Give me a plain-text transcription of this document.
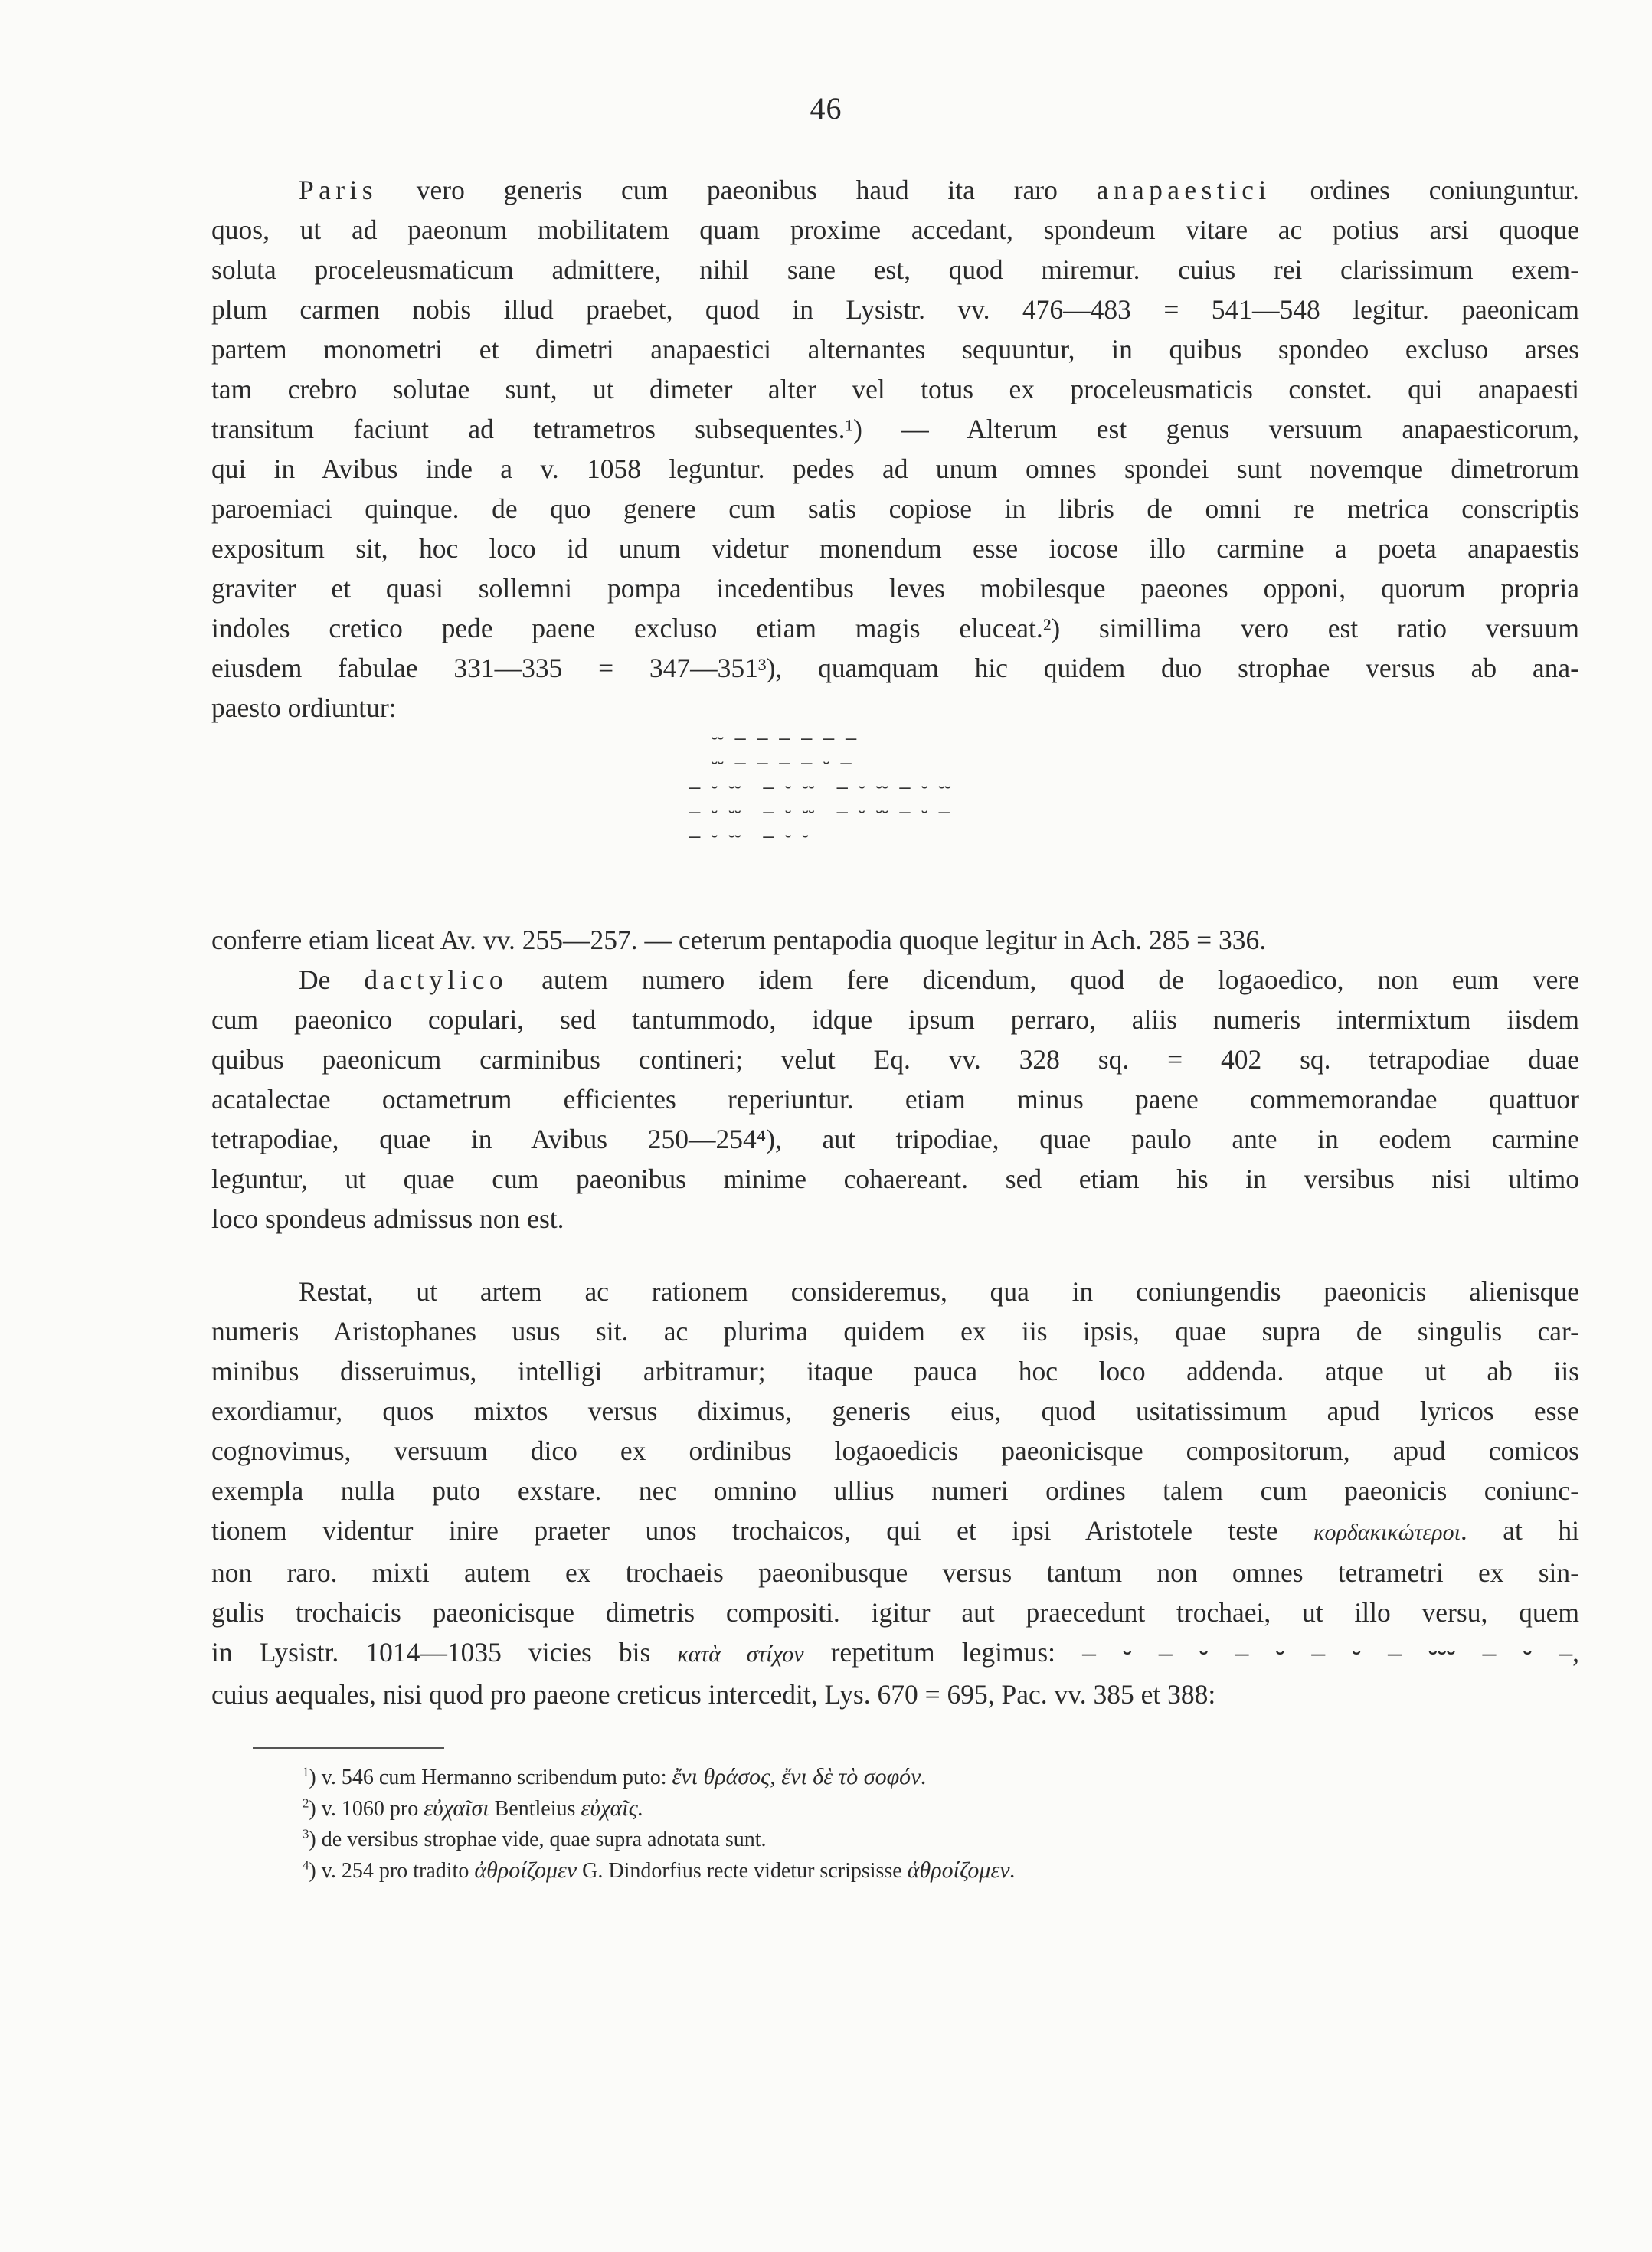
46
Paris vero generis cum paeonibus haud ita raro anapaestici ordines coniunguntur.
quos, ut ad paeonum mobilitatem quam proxime accedant, spondeum vitare ac potius arsi quoque
soluta proceleusmaticum admittere, nihil sane est, quod miremur. cuius rei clarissimum exem-
plum carmen nobis illud praebet, quod in Lysistr. vv. 476—483 = 541—548 legitur. paeonicam
partem monometri et dimetri anapaestici alternantes sequuntur, in quibus spondeo excluso arses
tam crebro solutae sunt, ut dimeter alter vel totus ex proceleusmaticis constet. qui anapaesti
transitum faciunt ad tetrametros subsequentes.¹) — Alterum est genus versuum anapaesticorum,
qui in Avibus inde a v. 1058 leguntur. pedes ad unum omnes spondei sunt novemque dimetrorum
paroemiaci quinque. de quo genere cum satis copiose in libris de omni re metrica conscriptis
expositum sit, hoc loco id unum videtur monendum esse iocose illo carmine a poeta anapaestis
graviter et quasi sollemni pompa incedentibus leves mobilesque paeones opponi, quorum propria
indoles cretico pede paene excluso etiam magis eluceat.²) simillima vero est ratio versuum
eiusdem fabulae 331—335 = 347—351³), quamquam hic quidem duo strophae versus ab ana-
paesto ordiuntur:
⏑⏑ – – – – – –
⏑⏑ – – – – ⏑ –
– ⏑ ⏑⏑  – ⏑ ⏑⏑  – ⏑ ⏑⏑ – ⏑ ⏑⏑
– ⏑ ⏑⏑  – ⏑ ⏑⏑  – ⏑ ⏑⏑ – ⏑ –
– ⏑ ⏑⏑  – ⏑ ⏑
conferre etiam liceat Av. vv. 255—257. — ceterum pentapodia quoque legitur in Ach. 285 = 336.
De dactylico autem numero idem fere dicendum, quod de logaoedico, non eum vere
cum paeonico copulari, sed tantummodo, idque ipsum perraro, aliis numeris intermixtum iisdem
quibus paeonicum carminibus contineri; velut Eq. vv. 328 sq. = 402 sq. tetrapodiae duae
acatalectae octametrum efficientes reperiuntur. etiam minus paene commemorandae quattuor
tetrapodiae, quae in Avibus 250—254⁴), aut tripodiae, quae paulo ante in eodem carmine
leguntur, ut quae cum paeonibus minime cohaereant. sed etiam his in versibus nisi ultimo
loco spondeus admissus non est.
Restat, ut artem ac rationem consideremus, qua in coniungendis paeonicis alienisque
numeris Aristophanes usus sit. ac plurima quidem ex iis ipsis, quae supra de singulis car-
minibus disseruimus, intelligi arbitramur; itaque pauca hoc loco addenda. atque ut ab iis
exordiamur, quos mixtos versus diximus, generis eius, quod usitatissimum apud lyricos esse
cognovimus, versuum dico ex ordinibus logaoedicis paeonicisque compositorum, apud comicos
exempla nulla puto exstare. nec omnino ullius numeri ordines talem cum paeonicis coniunc-
tionem videntur inire praeter unos trochaicos, qui et ipsi Aristotele teste κορδακικώτεροι. at hi
non raro. mixti autem ex trochaeis paeonibusque versus tantum non omnes tetrametri ex sin-
gulis trochaicis paeonicisque dimetris compositi. igitur aut praecedunt trochaei, ut illo versu, quem
in Lysistr. 1014—1035 vicies bis κατὰ στίχον repetitum legimus: – ⏑ – ⏑ – ⏑ – ⏑ – ⏑⏑⏑ – ⏑ –,
cuius aequales, nisi quod pro paeone creticus intercedit, Lys. 670 = 695, Pac. vv. 385 et 388:
$^1$) v. 546 cum Hermanno scribendum puto: ἔνι θράσος, ἔνι δὲ τὸ σοφόν.
$^2$) v. 1060 pro εὐχαῖσι Bentleius εὐχαῖς.
$^3$) de versibus strophae vide, quae supra adnotata sunt.
$^4$) v. 254 pro tradito ἀθροίζομεν G. Dindorfius recte videtur scripsisse ἁθροίζομεν.
